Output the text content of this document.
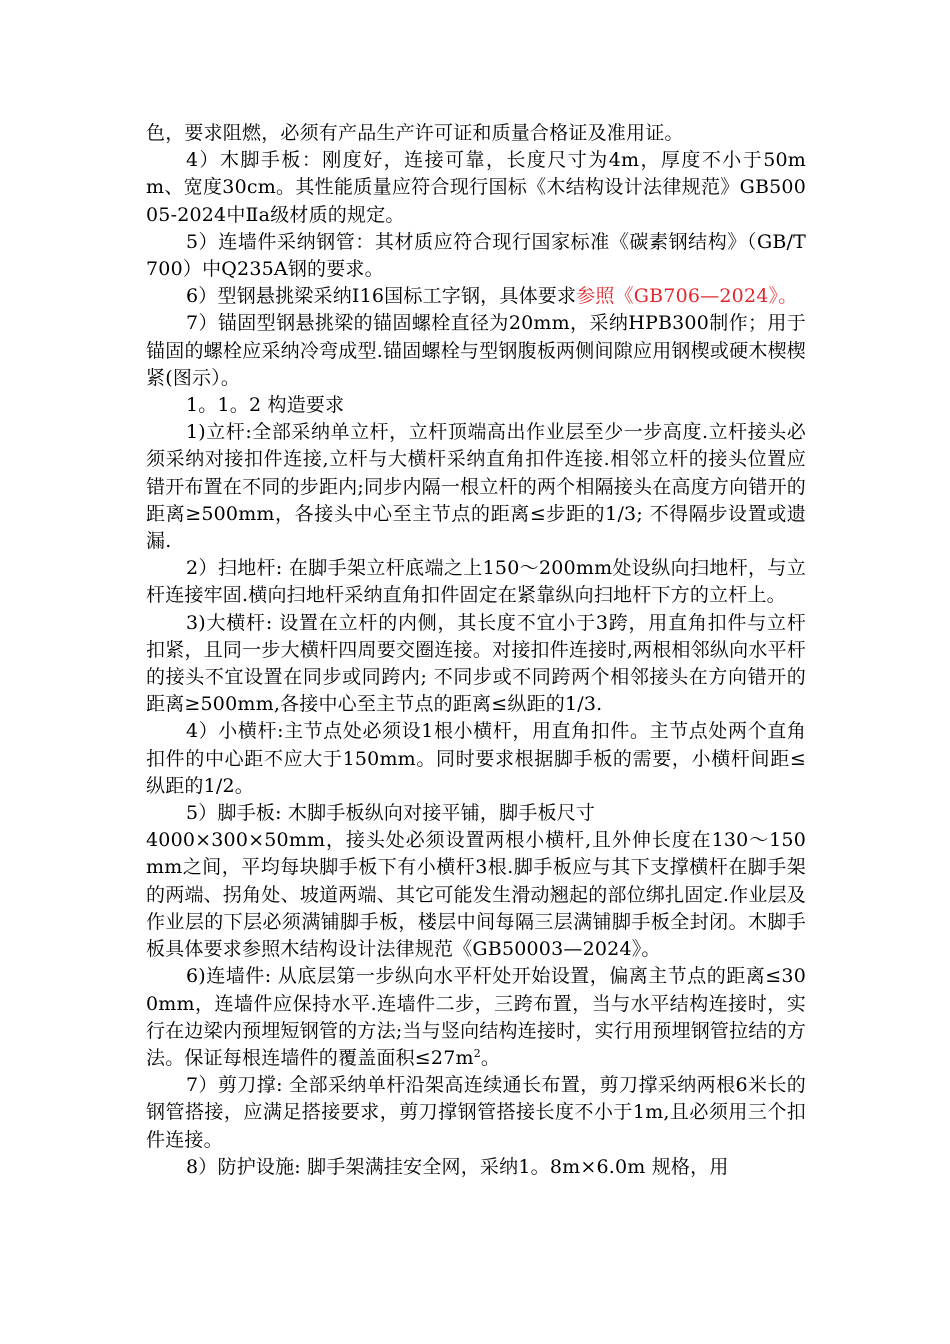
色，要求阻燃，必须有产品生产许可证和质量合格证及准用证。

4）木脚手板：刚度好，连接可靠，长度尺寸为4m，厚度不小于50mm、宽度30cm。其性能质量应符合现行国标《木结构设计法律规范》GB50005-2024中Ⅱa级材质的规定。

5）连墙件采纳钢管：其材质应符合现行国家标准《碳素钢结构》（GB/T700）中Q235A钢的要求。

6）型钢悬挑梁采纳I16国标工字钢，具体要求参照《GB706—2024》。

7）锚固型钢悬挑梁的锚固螺栓直径为20mm，采纳HPB300制作；用于锚固的螺栓应采纳冷弯成型.锚固螺栓与型钢腹板两侧间隙应用钢楔或硬木楔楔紧(图示）。

1。1。2 构造要求

1)立杆:全部采纳单立杆，立杆顶端高出作业层至少一步高度.立杆接头必须采纳对接扣件连接,立杆与大横杆采纳直角扣件连接.相邻立杆的接头位置应错开布置在不同的步距内;同步内隔一根立杆的两个相隔接头在高度方向错开的距离≥500mm，各接头中心至主节点的距离≤步距的1/3; 不得隔步设置或遗漏.

2）扫地杆: 在脚手架立杆底端之上150～200mm处设纵向扫地杆，与立杆连接牢固.横向扫地杆采纳直角扣件固定在紧靠纵向扫地杆下方的立杆上。

3)大横杆: 设置在立杆的内侧，其长度不宜小于3跨，用直角扣件与立杆扣紧，且同一步大横杆四周要交圈连接。对接扣件连接时,两根相邻纵向水平杆的接头不宜设置在同步或同跨内; 不同步或不同跨两个相邻接头在方向错开的距离≥500mm,各接中心至主节点的距离≤纵距的1/3.

4）小横杆:主节点处必须设1根小横杆，用直角扣件。主节点处两个直角扣件的中心距不应大于150mm。同时要求根据脚手板的需要，小横杆间距≤纵距的1/2。

5）脚手板: 木脚手板纵向对接平铺，脚手板尺寸

4000×300×50mm，接头处必须设置两根小横杆,且外伸长度在130～150mm之间，平均每块脚手板下有小横杆3根.脚手板应与其下支撑横杆在脚手架的两端、拐角处、坡道两端、其它可能发生滑动翘起的部位绑扎固定.作业层及作业层的下层必须满铺脚手板，楼层中间每隔三层满铺脚手板全封闭。木脚手板具体要求参照木结构设计法律规范《GB50003—2024》。

6)连墙件: 从底层第一步纵向水平杆处开始设置，偏离主节点的距离≤300mm，连墙件应保持水平.连墙件二步，三跨布置，当与水平结构连接时，实行在边梁内预埋短钢管的方法;当与竖向结构连接时，实行用预埋钢管拉结的方法。保证每根连墙件的覆盖面积$\le 27m^2$。

7）剪刀撑: 全部采纳单杆沿架高连续通长布置，剪刀撑采纳两根6米长的钢管搭接，应满足搭接要求，剪刀撑钢管搭接长度不小于1m,且必须用三个扣件连接。

8）防护设施: 脚手架满挂安全网，采纳1。8m×6.0m 规格，用
